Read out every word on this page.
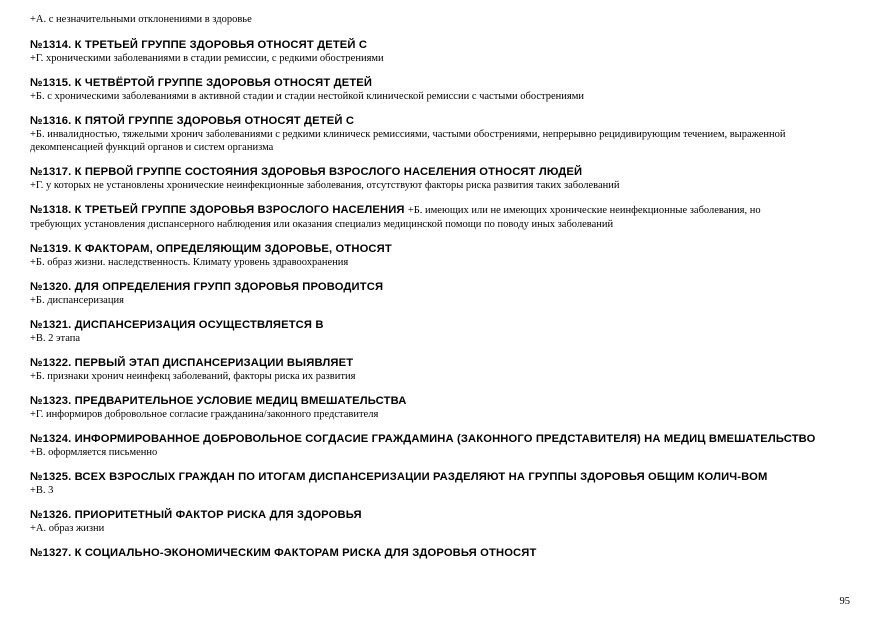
+А. с незначительными отклонениями в здоровье
№1314. К ТРЕТЬЕЙ ГРУППЕ ЗДОРОВЬЯ ОТНОСЯТ ДЕТЕЙ С
+Г. хроническими заболеваниями в стадии ремиссии, с редкими обострениями
№1315. К ЧЕТВЁРТОЙ ГРУППЕ ЗДОРОВЬЯ ОТНОСЯТ ДЕТЕЙ
+Б. с хроническими заболеваниями в активной стадии и стадии нестойкой клинической ремиссии с частыми обострениями
№1316. К ПЯТОЙ ГРУППЕ ЗДОРОВЬЯ ОТНОСЯТ ДЕТЕЙ С
+Б. инвалидностью, тяжелыми хронич заболеваниями с редкими клиническ ремиссиями, частыми обострениями, непрерывно рецидивирующим течением, выраженной декомпенсацией функций органов и систем организма
№1317. К ПЕРВОЙ ГРУППЕ СОСТОЯНИЯ ЗДОРОВЬЯ ВЗРОСЛОГО НАСЕЛЕНИЯ ОТНОСЯТ ЛЮДЕЙ
+Г. у которых не установлены хронические неинфекционные заболевания, отсутствуют факторы риска развития таких заболеваний
№1318. К ТРЕТЬЕЙ ГРУППЕ ЗДОРОВЬЯ ВЗРОСЛОГО НАСЕЛЕНИЯ +Б. имеющих или не имеющих хронические неинфекционные заболевания, но
требующих установления диспансерного наблюдения или оказания специализ медицинской помощи по поводу иных заболеваний
№1319. К ФАКТОРАМ, ОПРЕДЕЛЯЮЩИМ ЗДОРОВЬЕ, ОТНОСЯТ
+Б. образ жизни. наследственность. Климату уровень здравоохранения
№1320. ДЛЯ ОПРЕДЕЛЕНИЯ ГРУПП ЗДОРОВЬЯ ПРОВОДИТСЯ
+Б. диспансеризация
№1321. ДИСПАНСЕРИЗАЦИЯ ОСУЩЕСТВЛЯЕТСЯ В
+В. 2 этапа
№1322. ПЕРВЫЙ ЭТАП ДИСПАНСЕРИЗАЦИИ ВЫЯВЛЯЕТ
+Б. признаки хронич неинфекц заболеваний, факторы риска их развития
№1323. ПРЕДВАРИТЕЛЬНОЕ УСЛОВИЕ МЕДИЦ ВМЕШАТЕЛЬСТВА
+Г. информиров добровольное согласие гражданина/законного представителя
№1324. ИНФОРМИРОВАННОЕ ДОБРОВОЛЬНОЕ СОГДАСИЕ ГРАЖДАМИНА (ЗАКОННОГО ПРЕДСТАВИТЕЛЯ) НА МЕДИЦ ВМЕШАТЕЛЬСТВО
+В. оформляется письменно
№1325. ВСЕХ ВЗРОСЛЫХ ГРАЖДАН ПО ИТОГАМ ДИСПАНСЕРИЗАЦИИ РАЗДЕЛЯЮТ НА ГРУППЫ ЗДОРОВЬЯ ОБЩИМ КОЛИЧ-ВОМ
+В. 3
№1326. ПРИОРИТЕТНЫЙ ФАКТОР РИСКА ДЛЯ ЗДОРОВЬЯ
+А. образ жизни
№1327. К СОЦИАЛЬНО-ЭКОНОМИЧЕСКИМ ФАКТОРАМ РИСКА ДЛЯ ЗДОРОВЬЯ ОТНОСЯТ
95
